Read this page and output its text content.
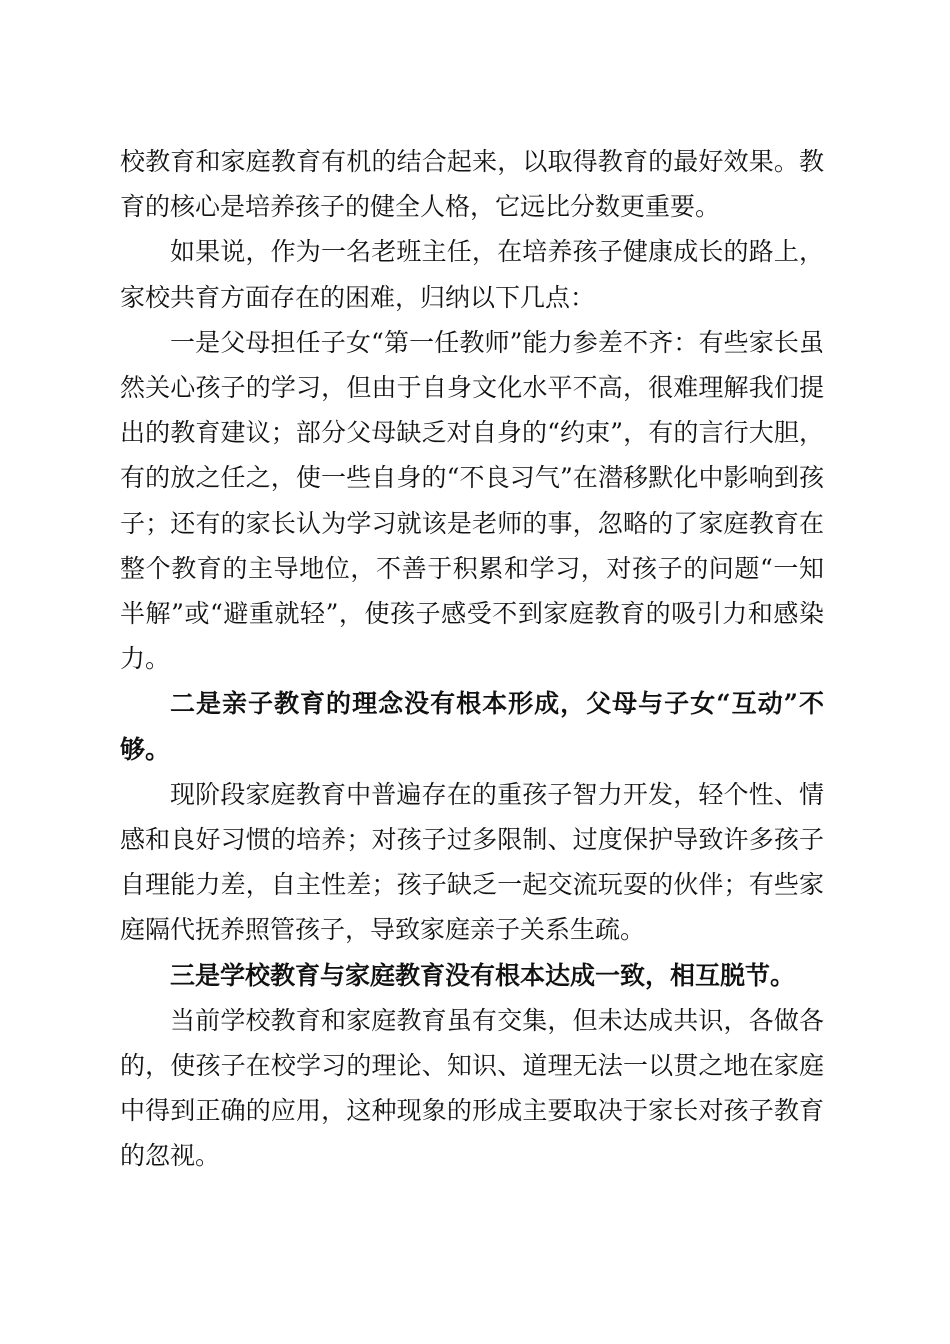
校教育和家庭教育有机的结合起来，以取得教育的最好效果。教育的核心是培养孩子的健全人格，它远比分数更重要。

如果说，作为一名老班主任，在培养孩子健康成长的路上，家校共育方面存在的困难，归纳以下几点：

一是父母担任子女“第一任教师”能力参差不齐：有些家长虽然关心孩子的学习，但由于自身文化水平不高，很难理解我们提出的教育建议；部分父母缺乏对自身的“约束”，有的言行大胆，有的放之任之，使一些自身的“不良习气”在潜移默化中影响到孩子；还有的家长认为学习就该是老师的事，忽略的了家庭教育在整个教育的主导地位，不善于积累和学习，对孩子的问题“一知半解”或“避重就轻”，使孩子感受不到家庭教育的吸引力和感染力。

二是亲子教育的理念没有根本形成，父母与子女“互动”不够。

现阶段家庭教育中普遍存在的重孩子智力开发，轻个性、情感和良好习惯的培养；对孩子过多限制、过度保护导致许多孩子自理能力差，自主性差；孩子缺乏一起交流玩耍的伙伴；有些家庭隔代抚养照管孩子，导致家庭亲子关系生疏。

三是学校教育与家庭教育没有根本达成一致，相互脱节。

当前学校教育和家庭教育虽有交集，但未达成共识，各做各的，使孩子在校学习的理论、知识、道理无法一以贯之地在家庭中得到正确的应用，这种现象的形成主要取决于家长对孩子教育的忽视。
